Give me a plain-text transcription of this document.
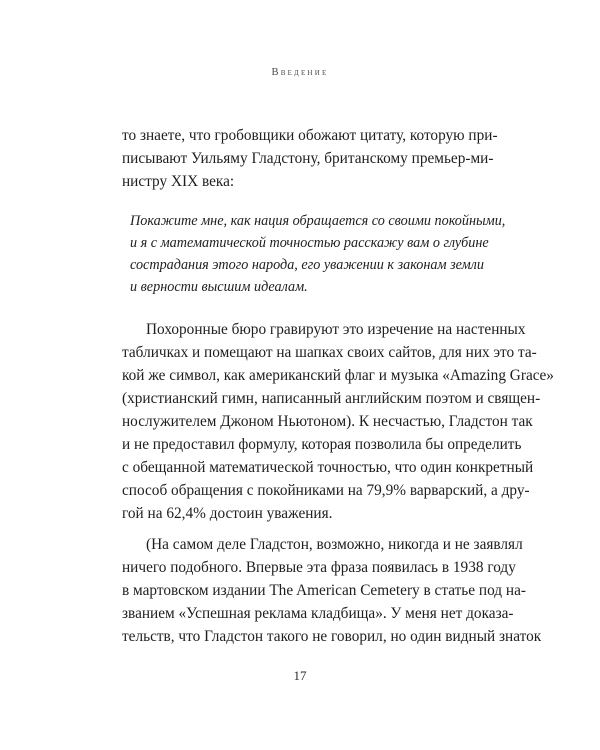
Введение
то знаете, что гробовщики обожают цитату, которую при-
писывают Уильяму Гладстону, британскому премьер-ми-
нистру XIX века:
Покажите мне, как нация обращается со своими покойными,
и я с математической точностью расскажу вам о глубине
сострадания этого народа, его уважении к законам земли
и верности высшим идеалам.
Похоронные бюро гравируют это изречение на настенных
табличках и помещают на шапках своих сайтов, для них это та-
кой же символ, как американский флаг и музыка «Amazing Grace»
(христианский гимн, написанный английским поэтом и священ-
нослужителем Джоном Ньютоном). К несчастью, Гладстон так
и не предоставил формулу, которая позволила бы определить
с обещанной математической точностью, что один конкретный
способ обращения с покойниками на 79,9% варварский, а дру-
гой на 62,4% достоин уважения.
(На самом деле Гладстон, возможно, никогда и не заявлял
ничего подобного. Впервые эта фраза появилась в 1938 году
в мартовском издании The American Cemetery в статье под на-
званием «Успешная реклама кладбища». У меня нет доказа-
тельств, что Гладстон такого не говорил, но один видный знаток
17
